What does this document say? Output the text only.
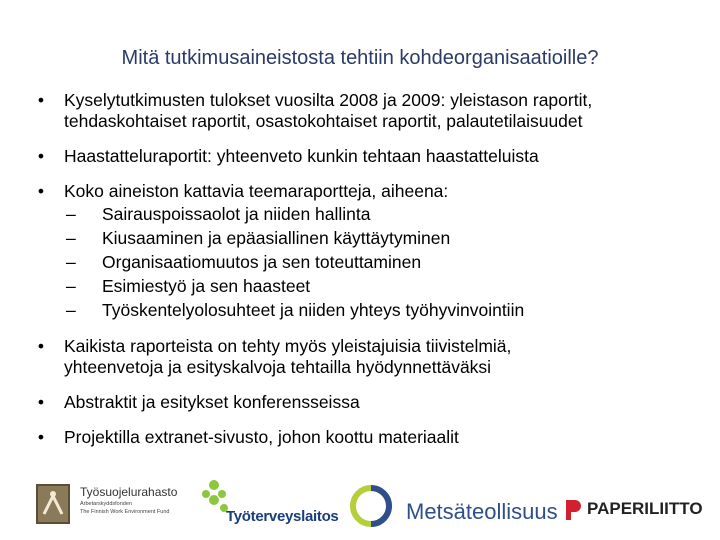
Mitä tutkimusaineistosta tehtiin kohdeorganisaatioille?
• Kyselytutkimusten tulokset vuosilta 2008 ja 2009: yleistason raportit,
tehdaskohtaiset raportit, osastokohtaiset raportit, palautetilaisuudet
• Haastatteluraportit: yhteenveto kunkin tehtaan haastatteluista
• Koko aineiston kattavia teemaraportteja, aiheena:
– Sairauspoissaolot ja niiden hallinta
– Kiusaaminen ja epäasiallinen käyttäytyminen
– Organisaatiomuutos ja sen toteuttaminen
– Esimiestyö ja sen haasteet
– Työskentelyolosuhteet ja niiden yhteys työhyvinvointiin
• Kaikista raporteista on tehty myös yleistajuisia tiivistelmiä,
yhteenvetoja ja esityskalvoja tehtailla hyödynnettäväksi
• Abstraktit ja esitykset konferensseissa
• Projektilla extranet-sivusto, johon koottu materiaalit
Työsuojelurahasto
Arbetarskyddsfonden
The Finnish Work Environment Fund	Työterveyslaitos	Metsäteollisuus PAPERILIITTO
